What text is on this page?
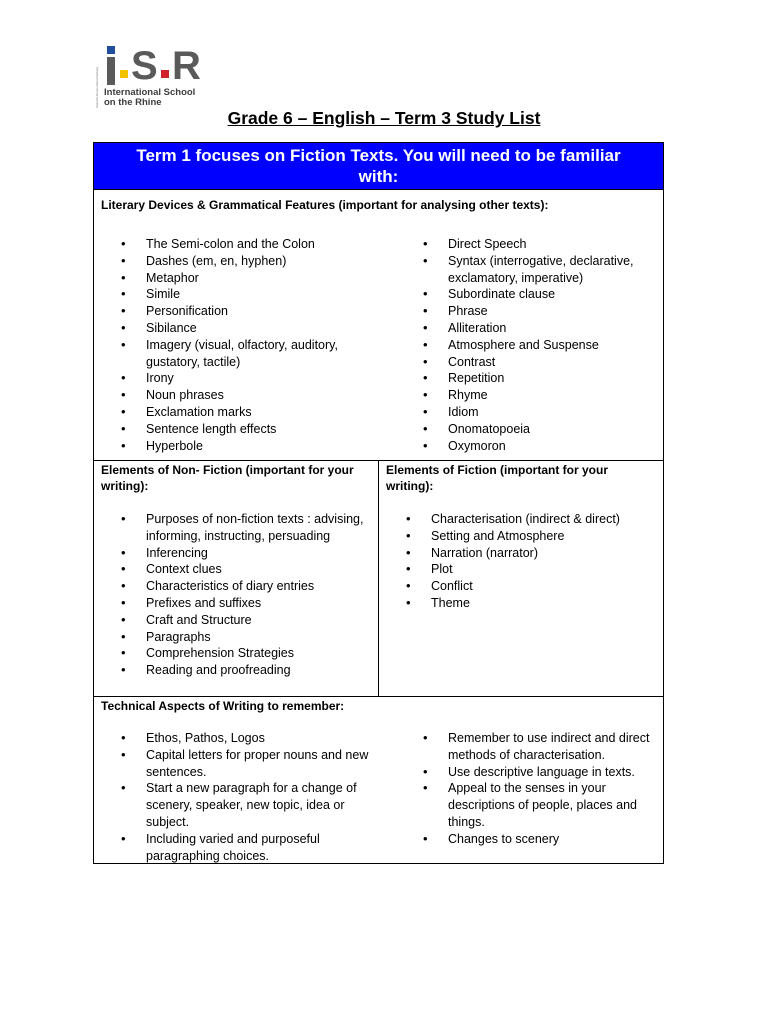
Standort Neuss-Reuschenberg S R
International School
on the Rhine
Grade 6 – English – Term 3 Study List
Term 1 focuses on Fiction Texts. You will need to be familiar
with:
Literary Devices & Grammatical Features (important for analysing other texts):
• The Semi-colon and the Colon
• Dashes (em, en, hyphen)
• Metaphor
• Simile
• Personification
• Sibilance
• Imagery (visual, olfactory, auditory, gustatory, tactile)
• Irony
• Noun phrases
• Exclamation marks
• Sentence length effects
• Hyperbole
• Direct Speech
• Syntax (interrogative, declarative, exclamatory, imperative)
• Subordinate clause
• Phrase
• Alliteration
• Atmosphere and Suspense
• Contrast
• Repetition
• Rhyme
• Idiom
• Onomatopoeia
• Oxymoron
Elements of Non- Fiction (important for your writing):
• Purposes of non-fiction texts : advising, informing, instructing, persuading
• Inferencing
• Context clues
• Characteristics of diary entries
• Prefixes and suffixes
• Craft and Structure
• Paragraphs
• Comprehension Strategies
• Reading and proofreading
Elements of Fiction (important for your writing):
• Characterisation (indirect & direct)
• Setting and Atmosphere
• Narration (narrator)
• Plot
• Conflict
• Theme
Technical Aspects of Writing to remember:
• Ethos, Pathos, Logos
• Capital letters for proper nouns and new sentences.
• Start a new paragraph for a change of scenery, speaker, new topic, idea or subject.
• Including varied and purposeful paragraphing choices.
• Remember to use indirect and direct methods of characterisation.
• Use descriptive language in texts.
• Appeal to the senses in your descriptions of people, places and things.
• Changes to scenery
